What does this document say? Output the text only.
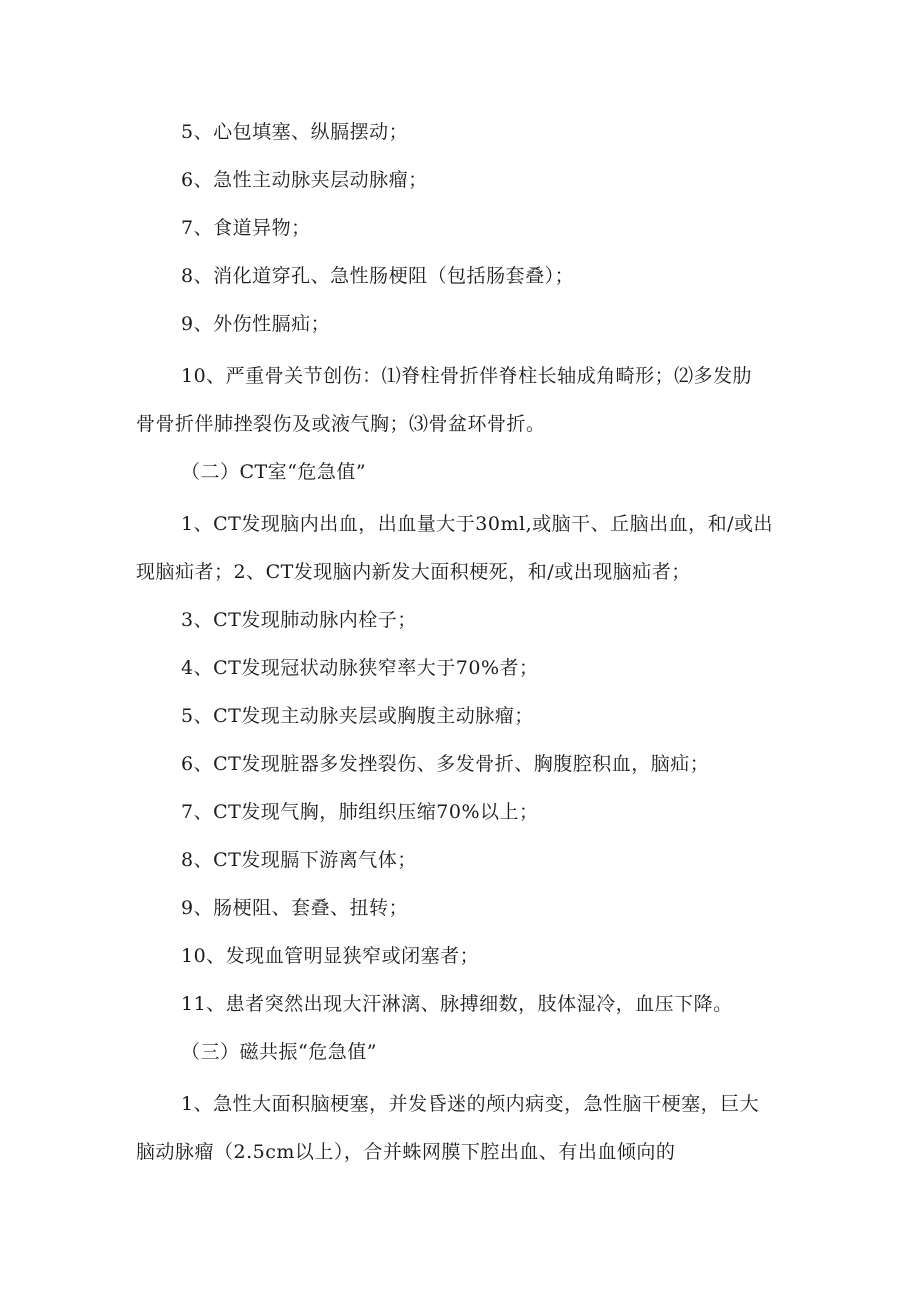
5、心包填塞、纵膈摆动；

6、急性主动脉夹层动脉瘤；

7、食道异物；

8、消化道穿孔、急性肠梗阻（包括肠套叠）；

9、外伤性膈疝；

10、严重骨关节创伤：⑴脊柱骨折伴脊柱长轴成角畸形；⑵多发肋

骨骨折伴肺挫裂伤及或液气胸；⑶骨盆环骨折。

（二）CT室“危急值”

1、CT发现脑内出血，出血量大于30ml,或脑干、丘脑出血，和/或出

现脑疝者；2、CT发现脑内新发大面积梗死，和/或出现脑疝者；

3、CT发现肺动脉内栓子；

4、CT发现冠状动脉狭窄率大于70%者；

5、CT发现主动脉夹层或胸腹主动脉瘤；

6、CT发现脏器多发挫裂伤、多发骨折、胸腹腔积血，脑疝；

7、CT发现气胸，肺组织压缩70%以上；

8、CT发现膈下游离气体；

9、肠梗阻、套叠、扭转；

10、发现血管明显狭窄或闭塞者；

11、患者突然出现大汗淋漓、脉搏细数，肢体湿冷，血压下降。

（三）磁共振“危急值”

1、急性大面积脑梗塞，并发昏迷的颅内病变，急性脑干梗塞，巨大

脑动脉瘤（2.5cm以上），合并蛛网膜下腔出血、有出血倾向的
